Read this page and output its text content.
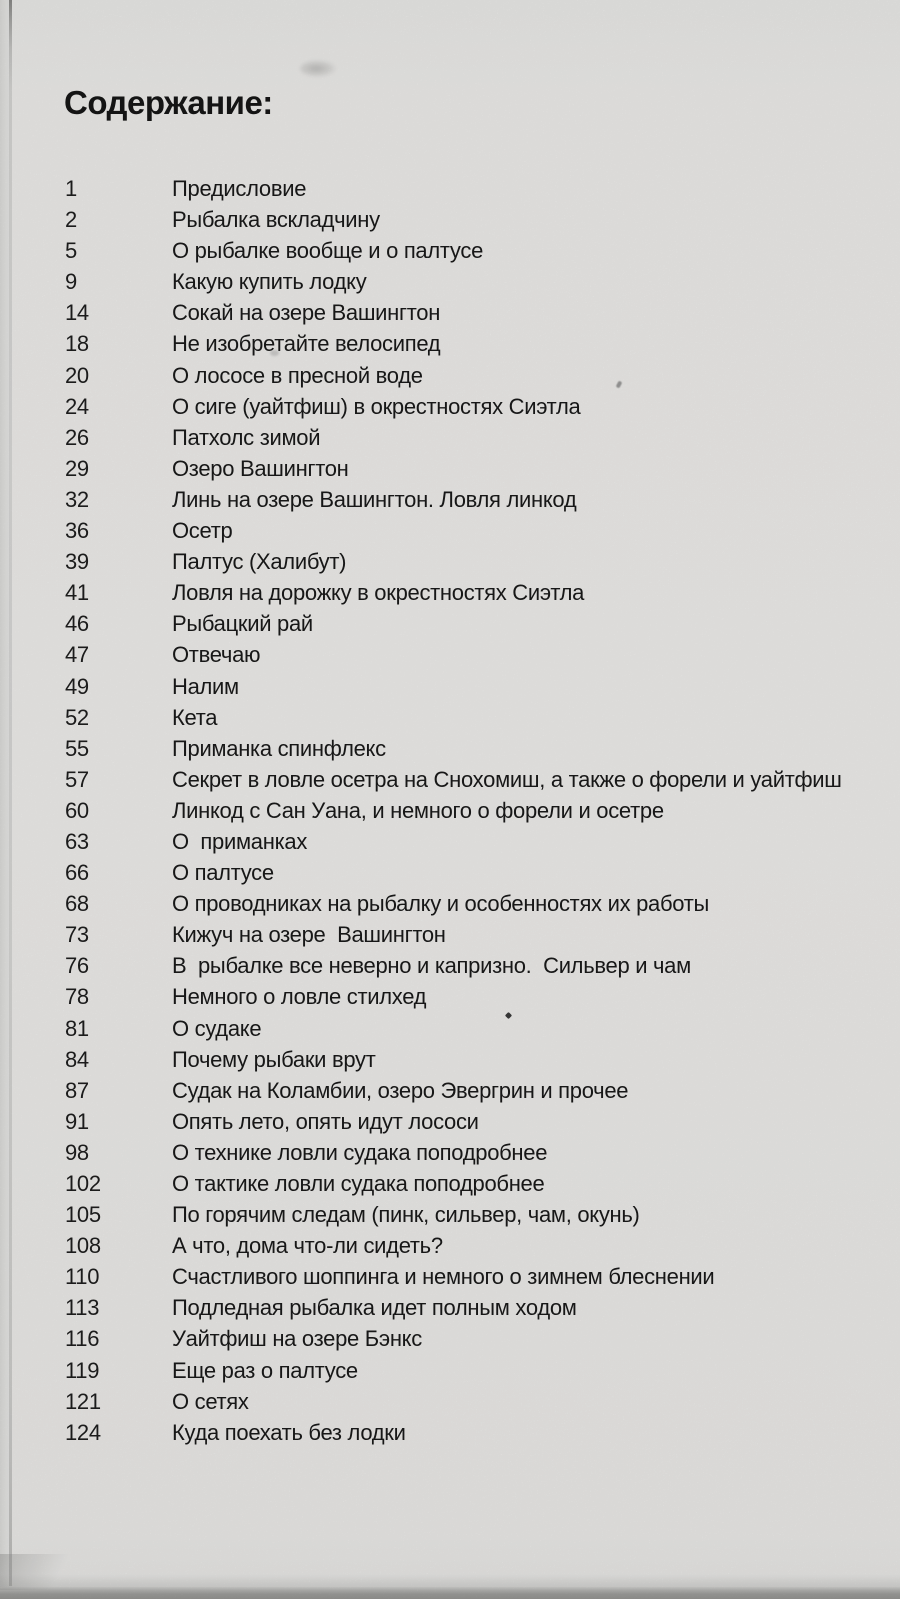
Содержание:
1	Предисловие
2	Рыбалка вскладчину
5	О рыбалке вообще и о палтусе
9	Какую купить лодку
14	Сокай на озере Вашингтон
18	Не изобретайте велосипед
20	О лососе в пресной воде
24	О сиге (уайтфиш) в окрестностях Сиэтла
26	Патхолс зимой
29	Озеро Вашингтон
32	Линь на озере Вашингтон. Ловля линкод
36	Осетр
39	Палтус (Халибут)
41	Ловля на дорожку в окрестностях Сиэтла
46	Рыбацкий рай
47	Отвечаю
49	Налим
52	Кета
55	Приманка спинфлекс
57	Секрет в ловле осетра на Снохомиш, а также о форели и уайтфиш
60	Линкод с Сан Уана, и немного о форели и осетре
63	О  приманках
66	О палтусе
68	О проводниках на рыбалку и особенностях их работы
73	Кижуч на озере  Вашингтон
76	В  рыбалке все неверно и капризно.  Сильвер и чам
78	Немного о ловле стилхед
81	О судаке
84	Почему рыбаки врут
87	Судак на Коламбии, озеро Эвергрин и прочее
91	Опять лето, опять идут лососи
98	О технике ловли судака поподробнее
102	О тактике ловли судака поподробнее
105	По горячим следам (пинк, сильвер, чам, окунь)
108	А что, дома что-ли сидеть?
110	Счастливого шоппинга и немного о зимнем блеснении
113	Подледная рыбалка идет полным ходом
116	Уайтфиш на озере Бэнкс
119	Еще раз о палтусе
121	О сетях
124	Куда поехать без лодки
